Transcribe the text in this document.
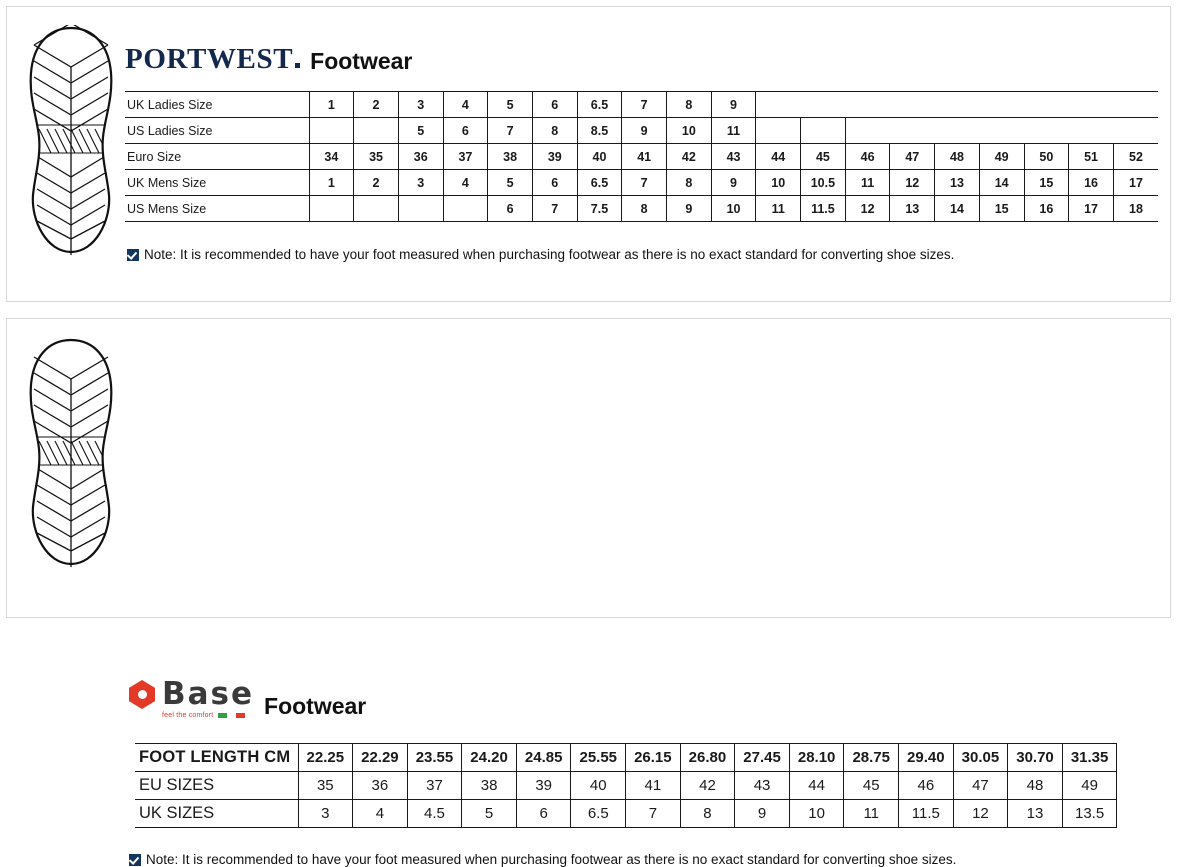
PORTWEST Footwear
UK Ladies Size	1	2	3	4	5	6	6.5	7	8	9									
US Ladies Size			5	6	7	8	8.5	9	10	11									
Euro Size	34	35	36	37	38	39	40	41	42	43	44	45	46	47	48	49	50	51	52
UK Mens Size	1	2	3	4	5	6	6.5	7	8	9	10	10.5	11	12	13	14	15	16	17
US Mens Size					6	7	7.5	8	9	10	11	11.5	12	13	14	15	16	17	18
Note: It is recommended to have your foot measured when purchasing footwear as there is no exact standard for converting shoe sizes.
Base
feel the comfort Footwear
FOOT LENGTH CM	22.25	22.29	23.55	24.20	24.85	25.55	26.15	26.80	27.45	28.10	28.75	29.40	30.05	30.70	31.35
EU SIZES	35	36	37	38	39	40	41	42	43	44	45	46	47	48	49
UK SIZES	3	4	4.5	5	6	6.5	7	8	9	10	11	11.5	12	13	13.5
Note: It is recommended to have your foot measured when purchasing footwear as there is no exact standard for converting shoe sizes.
